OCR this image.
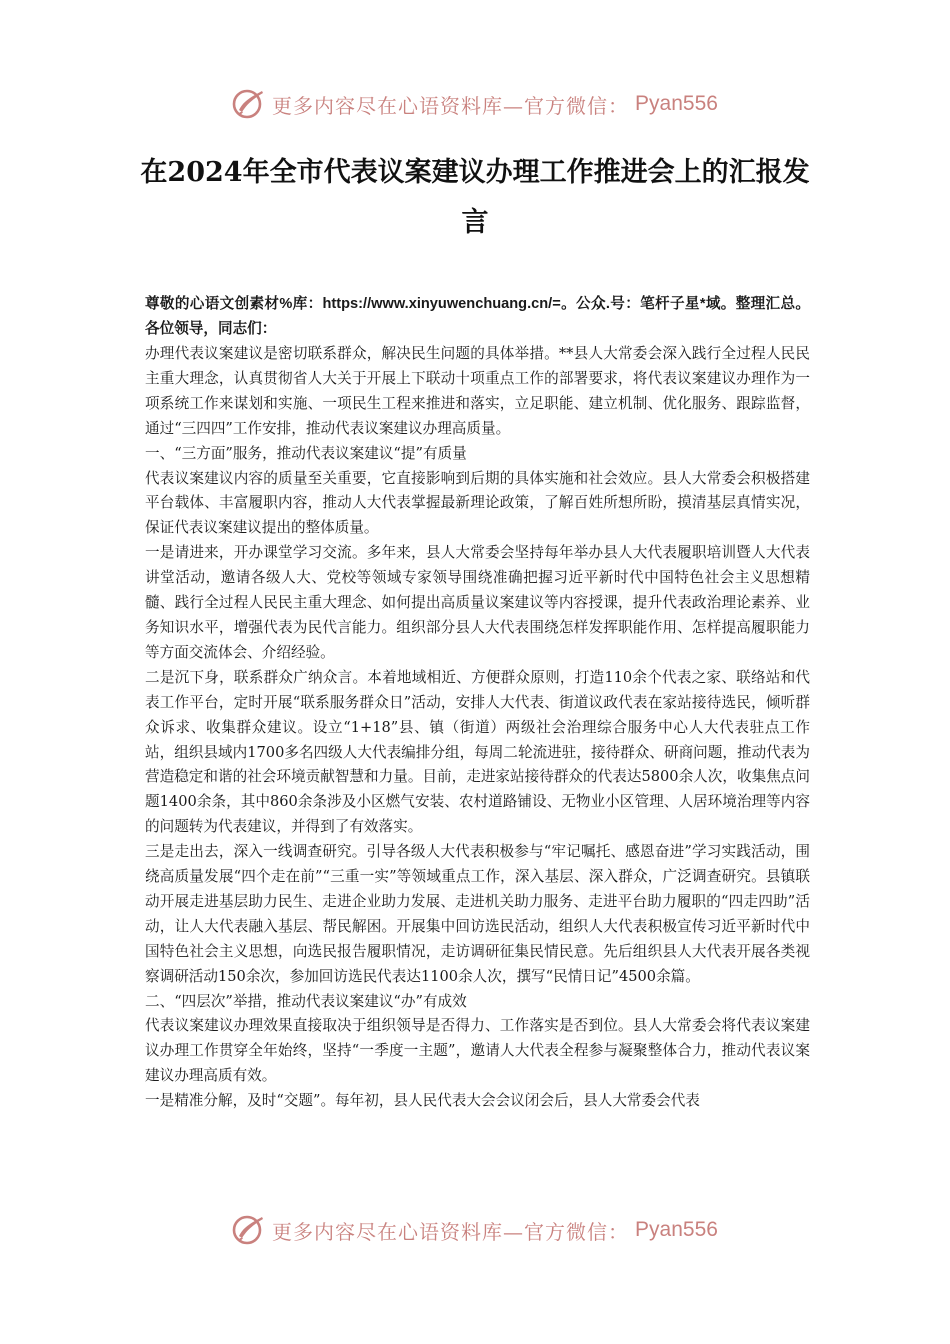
更多内容尽在心语资料库—官方微信： Pyan556
在2024年全市代表议案建议办理工作推进会上的汇报发言

尊敬的心语文创素材%库：https://www.xinyuwenchuang.cn/=。公众.号：笔杆子星*域。整理汇总。各位领导，同志们：

办理代表议案建议是密切联系群众，解决民生问题的具体举措。**县人大常委会深入践行全过程人民民主重大理念，认真贯彻省人大关于开展上下联动十项重点工作的部署要求，将代表议案建议办理作为一项系统工作来谋划和实施、一项民生工程来推进和落实，立足职能、建立机制、优化服务、跟踪监督，通过“三四四”工作安排，推动代表议案建议办理高质量。

一、“三方面”服务，推动代表议案建议“提”有质量

代表议案建议内容的质量至关重要，它直接影响到后期的具体实施和社会效应。县人大常委会积极搭建平台载体、丰富履职内容，推动人大代表掌握最新理论政策，了解百姓所想所盼，摸清基层真情实况，保证代表议案建议提出的整体质量。

一是请进来，开办课堂学习交流。多年来，县人大常委会坚持每年举办县人大代表履职培训暨人大代表讲堂活动，邀请各级人大、党校等领域专家领导围绕准确把握习近平新时代中国特色社会主义思想精髓、践行全过程人民民主重大理念、如何提出高质量议案建议等内容授课，提升代表政治理论素养、业务知识水平，增强代表为民代言能力。组织部分县人大代表围绕怎样发挥职能作用、怎样提高履职能力等方面交流体会、介绍经验。

二是沉下身，联系群众广纳众言。本着地域相近、方便群众原则，打造110余个代表之家、联络站和代表工作平台，定时开展“联系服务群众日”活动，安排人大代表、街道议政代表在家站接待选民，倾听群众诉求、收集群众建议。设立“1+18”县、镇（街道）两级社会治理综合服务中心人大代表驻点工作站，组织县域内1700多名四级人大代表编排分组，每周二轮流进驻，接待群众、研商问题，推动代表为营造稳定和谐的社会环境贡献智慧和力量。目前，走进家站接待群众的代表达5800余人次，收集焦点问题1400余条，其中860余条涉及小区燃气安装、农村道路铺设、无物业小区管理、人居环境治理等内容的问题转为代表建议，并得到了有效落实。

三是走出去，深入一线调查研究。引导各级人大代表积极参与“牢记嘱托、感恩奋进”学习实践活动，围绕高质量发展“四个走在前”“三重一实”等领域重点工作，深入基层、深入群众，广泛调查研究。县镇联动开展走进基层助力民生、走进企业助力发展、走进机关助力服务、走进平台助力履职的“四走四助”活动，让人大代表融入基层、帮民解困。开展集中回访选民活动，组织人大代表积极宣传习近平新时代中国特色社会主义思想，向选民报告履职情况，走访调研征集民情民意。先后组织县人大代表开展各类视察调研活动150余次，参加回访选民代表达1100余人次，撰写“民情日记”4500余篇。

二、“四层次”举措，推动代表议案建议“办”有成效

代表议案建议办理效果直接取决于组织领导是否得力、工作落实是否到位。县人大常委会将代表议案建议办理工作贯穿全年始终，坚持“一季度一主题”，邀请人大代表全程参与凝聚整体合力，推动代表议案建议办理高质有效。

一是精准分解，及时“交题”。每年初，县人民代表大会会议闭会后，县人大常委会代表

更多内容尽在心语资料库—官方微信： Pyan556
